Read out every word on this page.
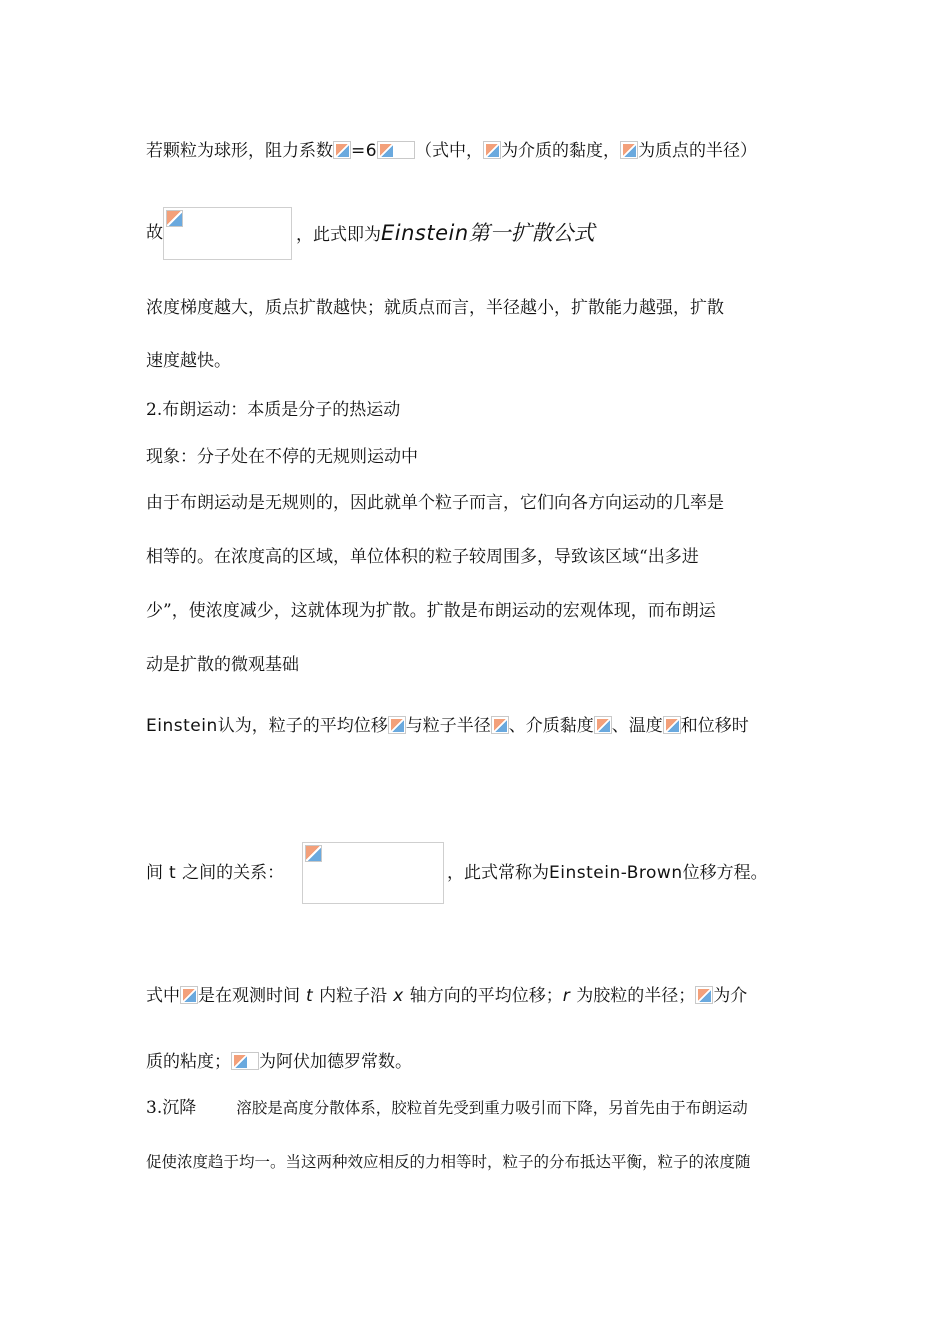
若颗粒为球形，阻力系数 =6 （式中， 为介质的黏度， 为质点的半径）
故	，此式即为Einstein第一扩散公式
浓度梯度越大，质点扩散越快；就质点而言，半径越小，扩散能力越强，扩散
速度越快。
2.布朗运动：本质是分子的热运动
现象：分子处在不停的无规则运动中
由于布朗运动是无规则的，因此就单个粒子而言，它们向各方向运动的几率是
相等的。在浓度高的区域，单位体积的粒子较周围多，导致该区域“出多进
少”，使浓度减少，这就体现为扩散。扩散是布朗运动的宏观体现，而布朗运
动是扩散的微观基础
Einstein认为，粒子的平均位移 与粒子半径 、介质黏度 、温度 和位移时
间 t 之间的关系：	，此式常称为Einstein-Brown位移方程。
式中 是在观测时间 t 内粒子沿 x 轴方向的平均位移；r 为胶粒的半径； 为介
质的粘度； 为阿伏加德罗常数。
3.沉降	溶胶是高度分散体系，胶粒首先受到重力吸引而下降，另首先由于布朗运动
促使浓度趋于均一。当这两种效应相反的力相等时，粒子的分布抵达平衡，粒子的浓度随
